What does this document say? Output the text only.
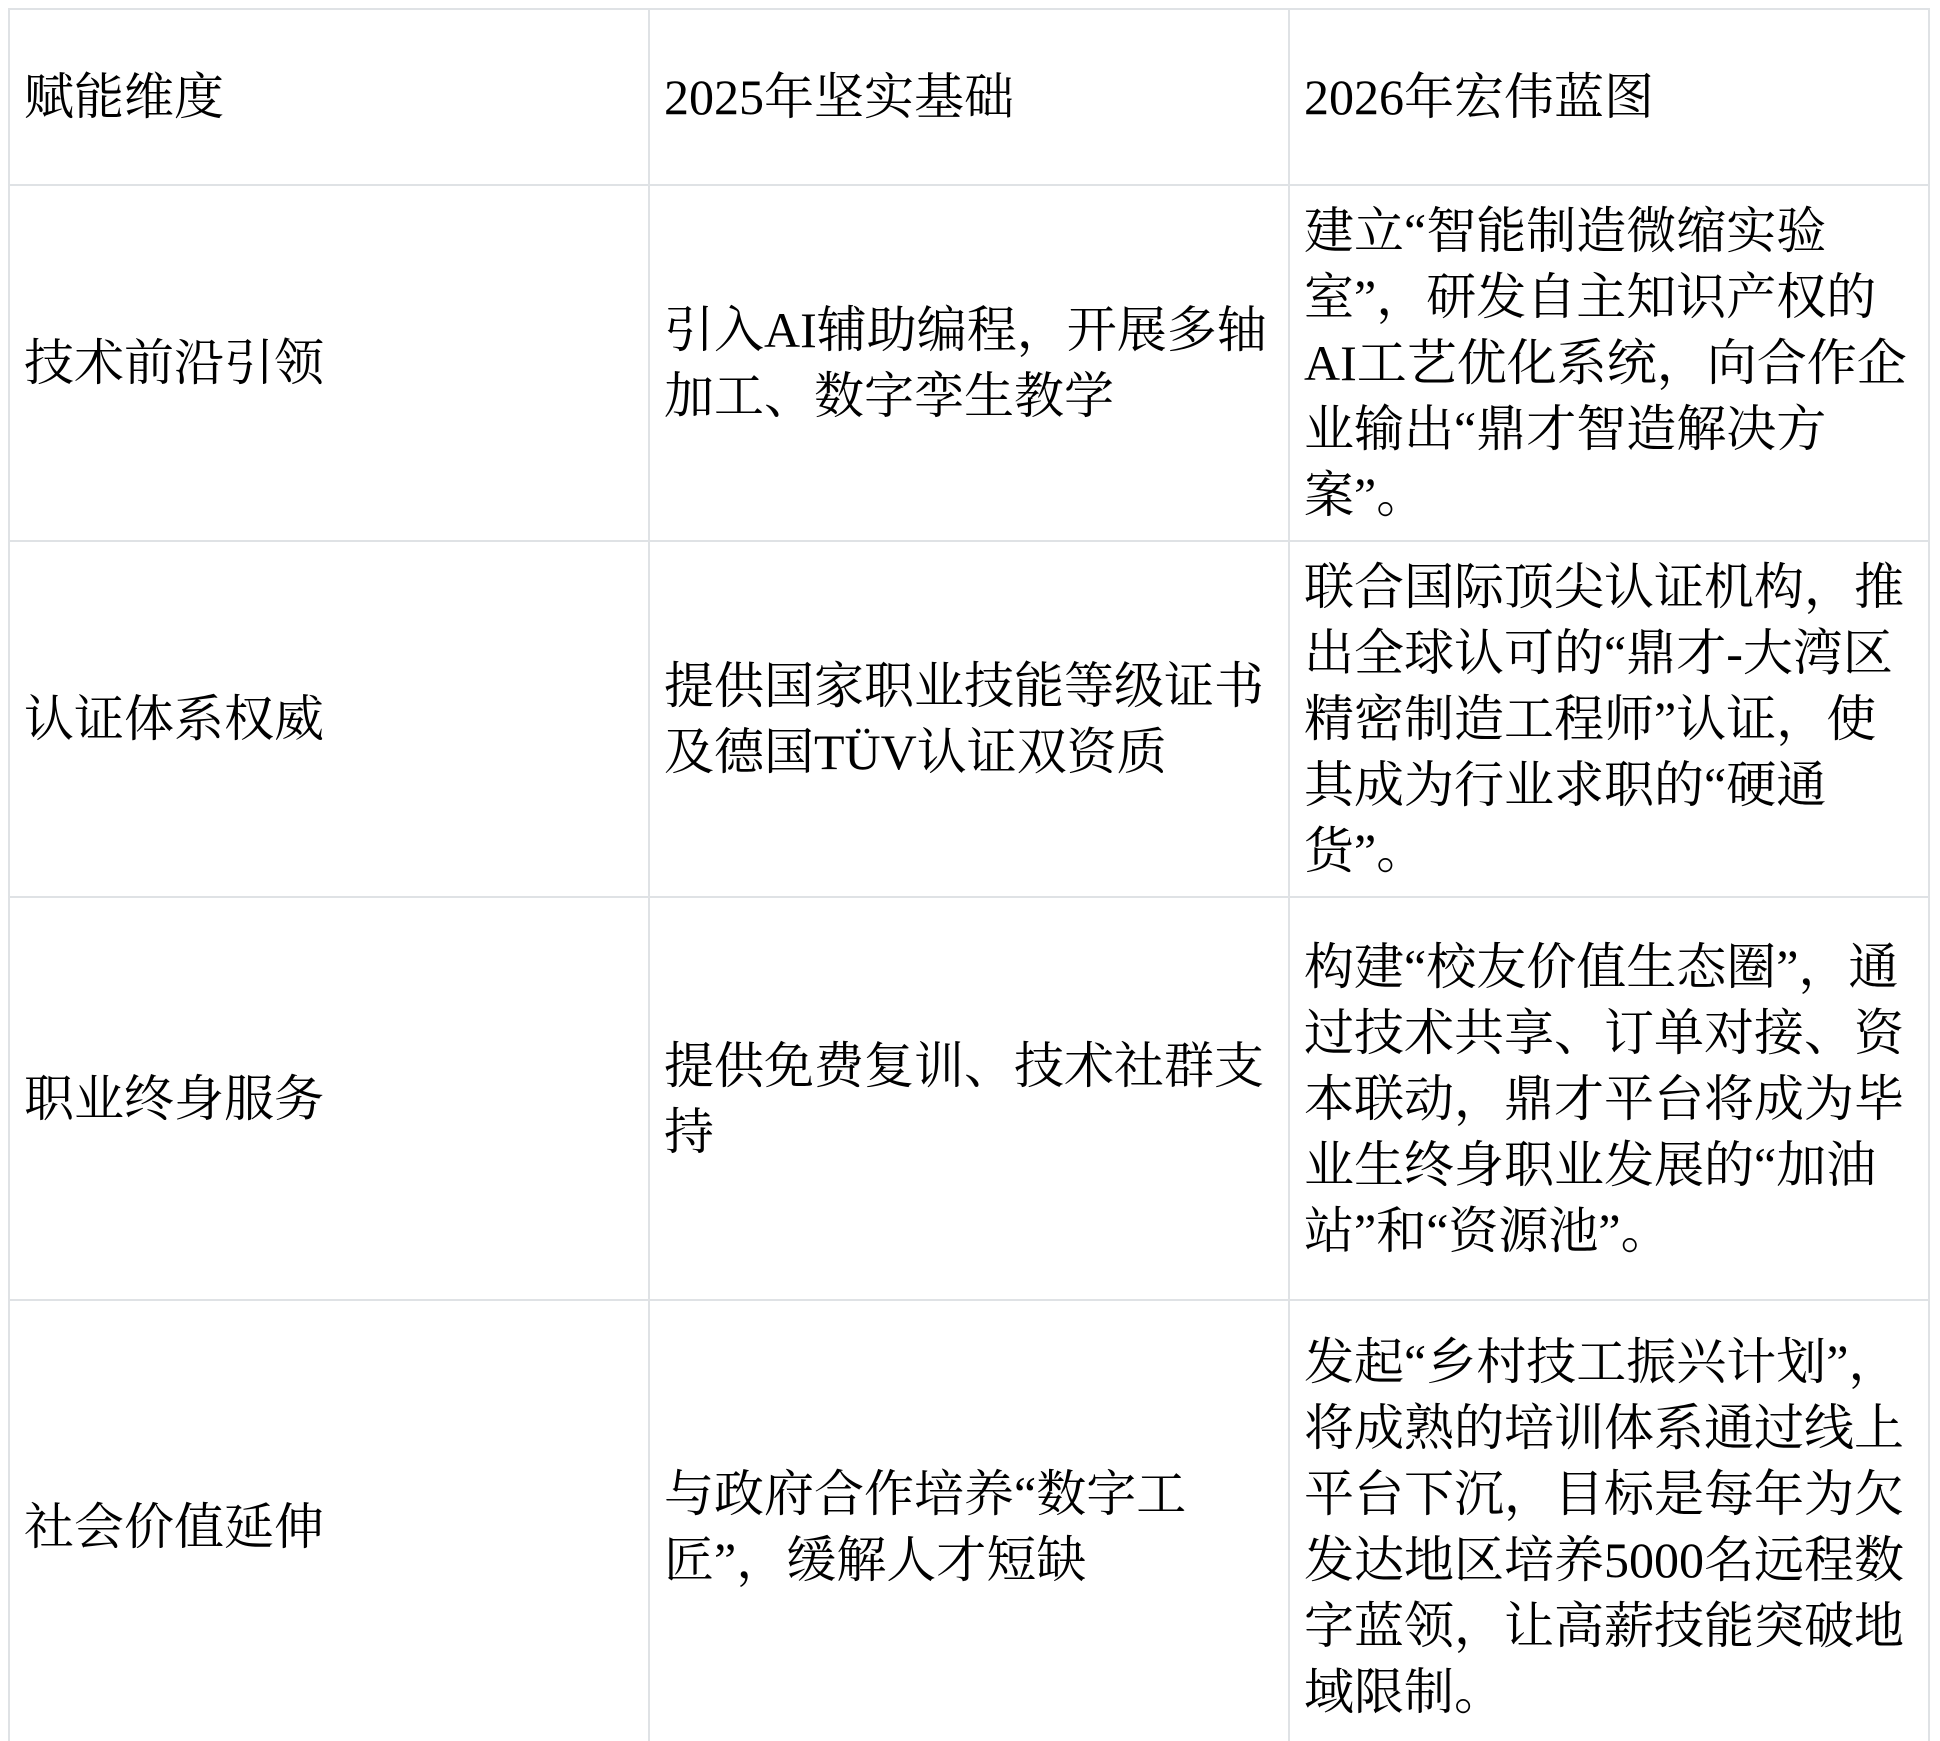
赋能维度	2025年坚实基础	2026年宏伟蓝图
技术前沿引领	引入AI辅助编程，开展多轴加工、数字孪生教学	建立“智能制造微缩实验室”，研发自主知识产权的AI工艺优化系统，向合作企业输出“鼎才智造解决方案”。
认证体系权威	提供国家职业技能等级证书及德国TÜV认证双资质	联合国际顶尖认证机构，推出全球认可的“鼎才-大湾区精密制造工程师”认证，使其成为行业求职的“硬通货”。
职业终身服务	提供免费复训、技术社群支持	构建“校友价值生态圈”，通过技术共享、订单对接、资本联动，鼎才平台将成为毕业生终身职业发展的“加油站”和“资源池”。
社会价值延伸	与政府合作培养“数字工匠”，缓解人才短缺	发起“乡村技工振兴计划”，将成熟的培训体系通过线上平台下沉，目标是每年为欠发达地区培养5000名远程数字蓝领，让高薪技能突破地域限制。
